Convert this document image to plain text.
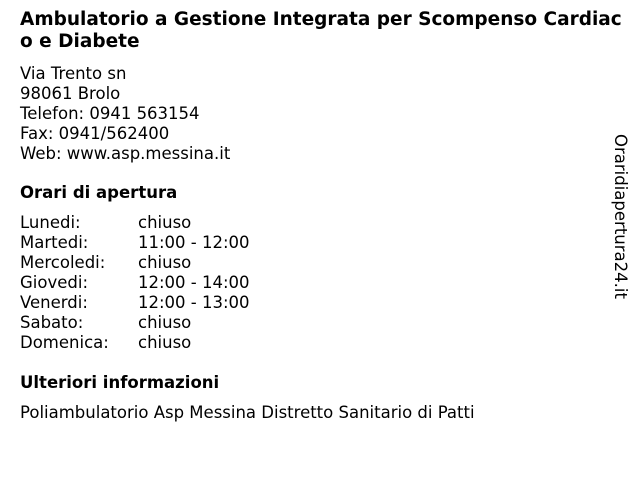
Ambulatorio a Gestione Integrata per Scompenso Cardiaco e Diabete
Via Trento sn
98061 Brolo
Telefon: 0941 563154
Fax: 0941/562400
Web: www.asp.messina.it
Orari di apertura
Lunedi:	chiuso
Martedi:	11:00 - 12:00
Mercoledi:	chiuso
Giovedi:	12:00 - 14:00
Venerdi:	12:00 - 13:00
Sabato:	chiuso
Domenica:	chiuso
Ulteriori informazioni
Poliambulatorio Asp Messina Distretto Sanitario di Patti
Oraridiapertura24.it
